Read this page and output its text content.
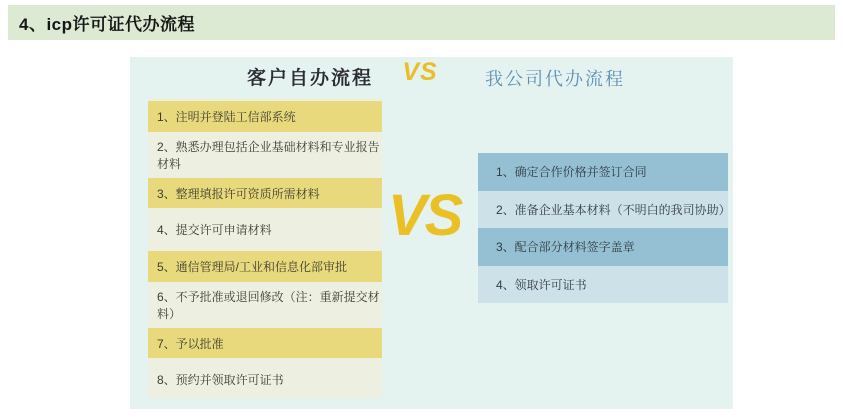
4、icp许可证代办流程
客户自办流程	VS	我公司代办流程
1、注明并登陆工信部系统
2、熟悉办理包括企业基础材料和专业报告材料
3、整理填报许可资质所需材料
4、提交许可申请材料
5、通信管理局/工业和信息化部审批
6、不予批准或退回修改（注：重新提交材料）
7、予以批准
8、预约并领取许可证书
VS
1、确定合作价格并签订合同
2、准备企业基本材料（不明白的我司协助）
3、配合部分材料签字盖章
4、领取许可证书
